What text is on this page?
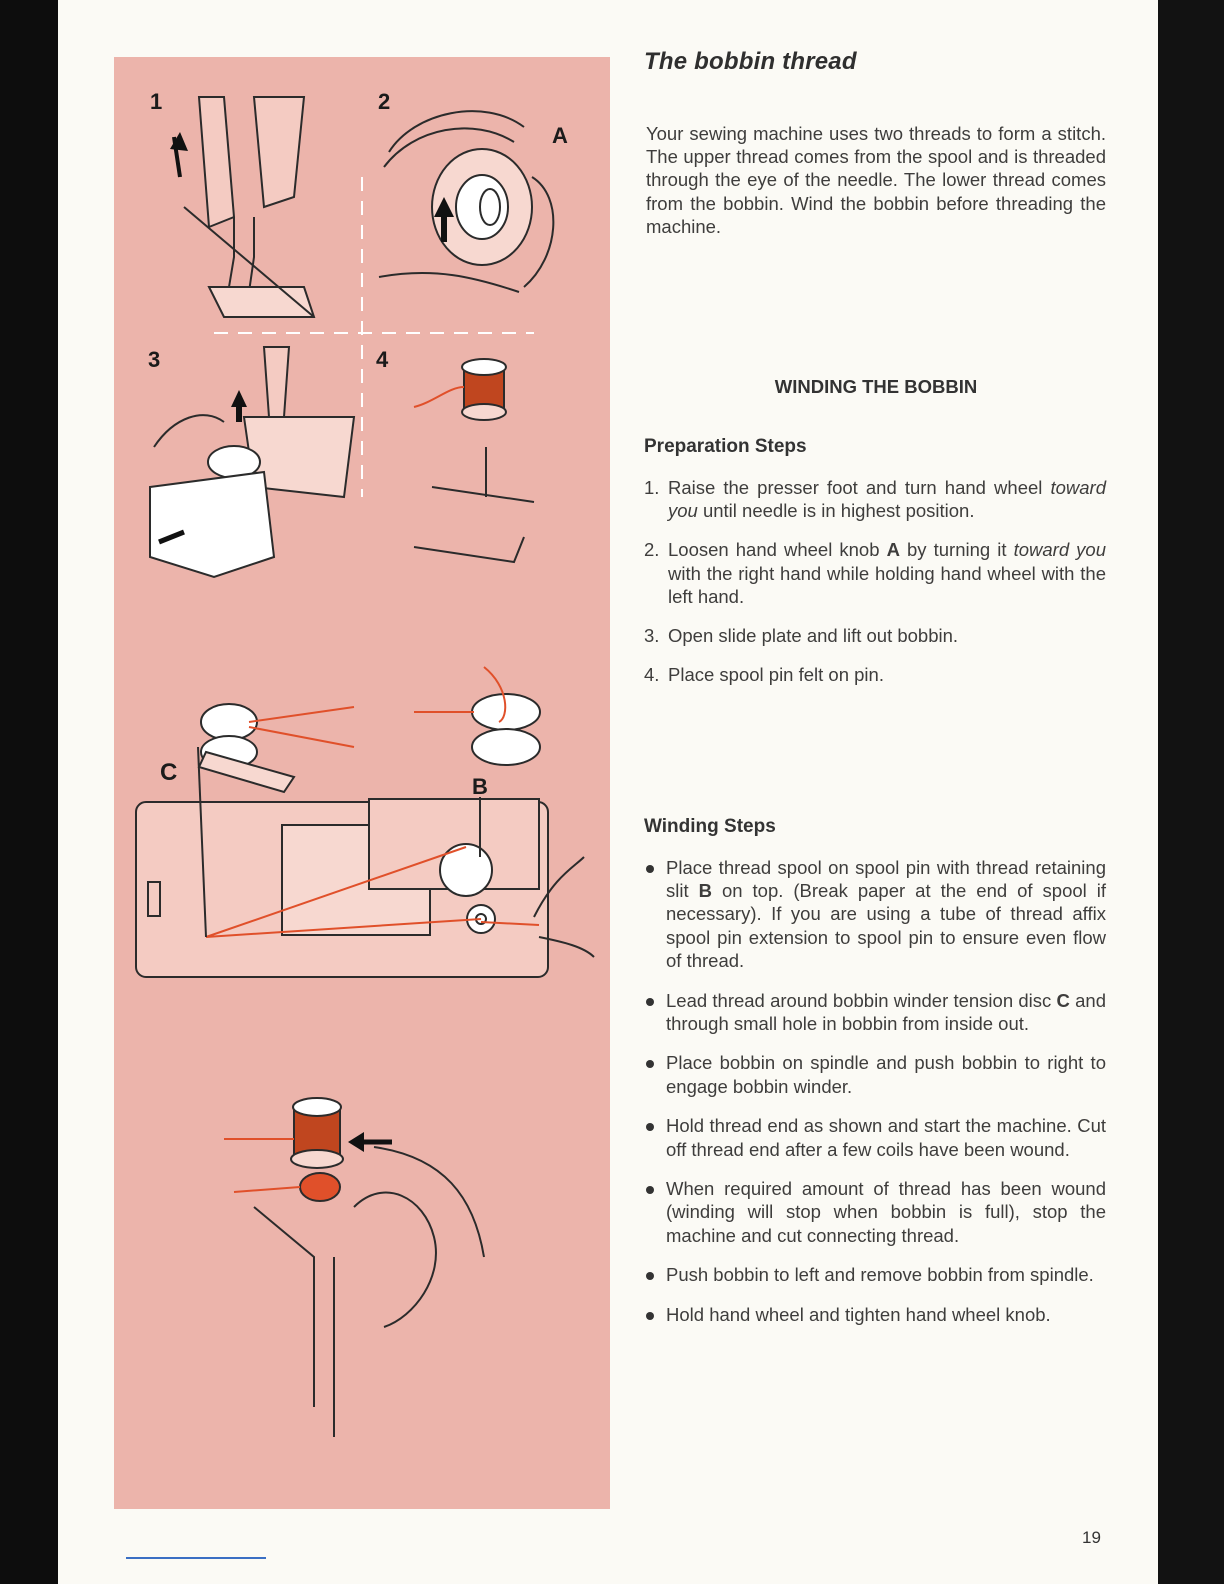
1	2
3	4
A
B
C
The bobbin thread

Your sewing machine uses two threads to form a stitch. The upper thread comes from the spool and is threaded through the eye of the needle. The lower thread comes from the bobbin. Wind the bobbin before threading the machine.

WINDING THE BOBBIN
Preparation Steps
1. Raise the presser foot and turn hand wheel toward you until needle is in highest position.
2. Loosen hand wheel knob A by turning it toward you with the right hand while holding hand wheel with the left hand.
3. Open slide plate and lift out bobbin.
4. Place spool pin felt on pin.
Winding Steps
Place thread spool on spool pin with thread retaining slit B on top. (Break paper at the end of spool if necessary). If you are using a tube of thread affix spool pin extension to spool pin to ensure even flow of thread.
Lead thread around bobbin winder tension disc C and through small hole in bobbin from inside out.
Place bobbin on spindle and push bobbin to right to engage bobbin winder.
Hold thread end as shown and start the machine. Cut off thread end after a few coils have been wound.
When required amount of thread has been wound (winding will stop when bobbin is full), stop the machine and cut connecting thread.
Push bobbin to left and remove bobbin from spindle.
Hold hand wheel and tighten hand wheel knob.
19
